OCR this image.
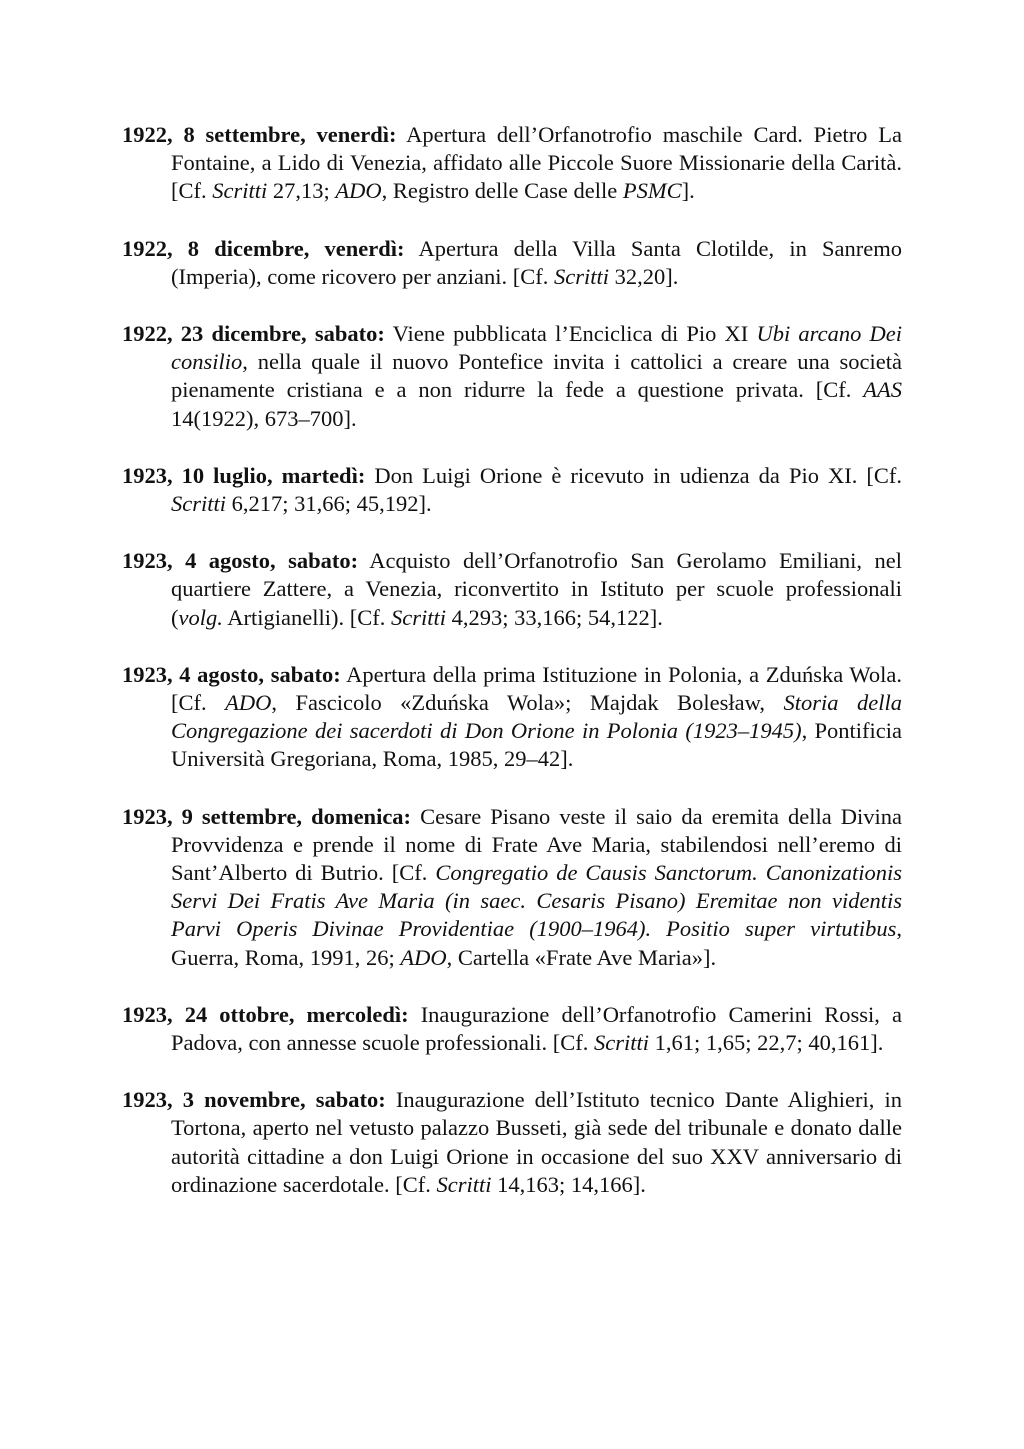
1922, 8 settembre, venerdì: Apertura dell’Orfanotrofio maschile Card. Pietro La Fontaine, a Lido di Venezia, affidato alle Piccole Suore Missionarie della Carità. [Cf. Scritti 27,13; ADO, Registro delle Case delle PSMC].

1922, 8 dicembre, venerdì: Apertura della Villa Santa Clotilde, in Sanremo (Imperia), come ricovero per anziani. [Cf. Scritti 32,20].

1922, 23 dicembre, sabato: Viene pubblicata l’Enciclica di Pio XI Ubi arcano Dei consilio, nella quale il nuovo Pontefice invita i cattolici a creare una società pienamente cristiana e a non ridurre la fede a questione privata. [Cf. AAS 14(1922), 673–700].

1923, 10 luglio, martedì: Don Luigi Orione è ricevuto in udienza da Pio XI. [Cf. Scritti 6,217; 31,66; 45,192].

1923, 4 agosto, sabato: Acquisto dell’Orfanotrofio San Gerolamo Emiliani, nel quartiere Zattere, a Venezia, riconvertito in Istituto per scuole professionali (volg. Artigianelli). [Cf. Scritti 4,293; 33,166; 54,122].

1923, 4 agosto, sabato: Apertura della prima Istituzione in Polonia, a Zduńska Wola. [Cf. ADO, Fascicolo «Zduńska Wola»; Majdak Bolesław, Storia della Congregazione dei sacerdoti di Don Orione in Polonia (1923–1945), Pontificia Università Gregoriana, Roma, 1985, 29–42].

1923, 9 settembre, domenica: Cesare Pisano veste il saio da eremita della Divina Provvidenza e prende il nome di Frate Ave Maria, stabilendosi nell’eremo di Sant’Alberto di Butrio. [Cf. Congregatio de Causis Sanctorum. Canonizationis Servi Dei Fratis Ave Maria (in saec. Cesaris Pisano) Eremitae non videntis Parvi Operis Divinae Providentiae (1900–1964). Positio super virtutibus, Guerra, Roma, 1991, 26; ADO, Cartella «Frate Ave Maria»].

1923, 24 ottobre, mercoledì: Inaugurazione dell’Orfanotrofio Camerini Rossi, a Padova, con annesse scuole professionali. [Cf. Scritti 1,61; 1,65; 22,7; 40,161].

1923, 3 novembre, sabato: Inaugurazione dell’Istituto tecnico Dante Alighieri, in Tortona, aperto nel vetusto palazzo Busseti, già sede del tribunale e donato dalle autorità cittadine a don Luigi Orione in occasione del suo XXV anniversario di ordinazione sacerdotale. [Cf. Scritti 14,163; 14,166].
